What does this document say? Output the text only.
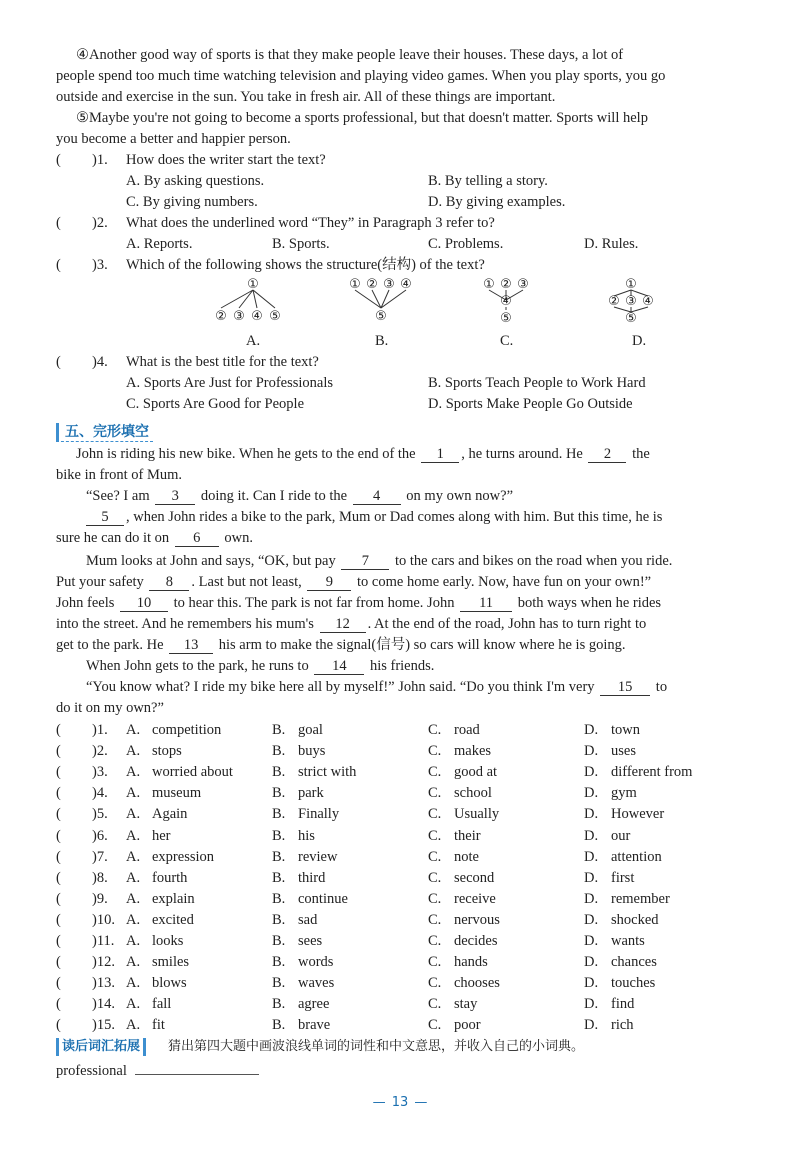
④Another good way of sports is that they make people leave their houses. These days, a lot of
people spend too much time watching television and playing video games. When you play sports, you go
outside and exercise in the sun. You take in fresh air. All of these things are important.
⑤Maybe you're not going to become a sports professional, but that doesn't matter. Sports will help
you become a better and happier person.
( )1. How does the writer start the text?
A. By asking questions.	B. By telling a story.
C. By giving numbers.	D. By giving examples.
( )2. What does the underlined word “They” in Paragraph 3 refer to?
A. Reports.	B. Sports.	C. Problems.	D. Rules.
( )3. Which of the following shows the structure(结构) of the text?
①
② ③ ④ ⑤
① ② ③ ④
⑤
① ② ③
④
⑤
①
② ③ ④
⑤
A.	B.	C.	D.
( )4. What is the best title for the text?
A. Sports Are Just for Professionals	B. Sports Teach People to Work Hard
C. Sports Are Good for People	D. Sports Make People Go Outside
五、完形填空
John is riding his new bike. When he gets to the end of the 1 , he turns around. He 2 the
bike in front of Mum.
“See? I am 3 doing it. Can I ride to the 4 on my own now?”
5 , when John rides a bike to the park, Mum or Dad comes along with him. But this time, he is
sure he can do it on 6 own.
Mum looks at John and says, “OK, but pay 7 to the cars and bikes on the road when you ride.
Put your safety 8 . Last but not least, 9 to come home early. Now, have fun on your own!”
John feels 10 to hear this. The park is not far from home. John 11 both ways when he rides
into the street. And he remembers his mum's 12 . At the end of the road, John has to turn right to
get to the park. He 13 his arm to make the signal(信号) so cars will know where he is going.
When John gets to the park, he runs to 14 his friends.
“You know what? I ride my bike here all by myself!” John said. “Do you think I'm very 15 to
do it on my own?”
( )1. A. competition	B. goal	C. road	D. town
( )2. A. stops	B. buys	C. makes	D. uses
( )3. A. worried about	B. strict with	C. good at	D. different from
( )4. A. museum	B. park	C. school	D. gym
( )5. A. Again	B. Finally	C. Usually	D. However
( )6. A. her	B. his	C. their	D. our
( )7. A. expression	B. review	C. note	D. attention
( )8. A. fourth	B. third	C. second	D. first
( )9. A. explain	B. continue	C. receive	D. remember
( )10. A. excited	B. sad	C. nervous	D. shocked
( )11. A. looks	B. sees	C. decides	D. wants
( )12. A. smiles	B. words	C. hands	D. chances
( )13. A. blows	B. waves	C. chooses	D. touches
( )14. A. fall	B. agree	C. stay	D. find
( )15. A. fit	B. brave	C. poor	D. rich
读后词汇拓展	猜出第四大题中画波浪线单词的词性和中文意思，并收入自己的小词典。
professional
— 13 —
